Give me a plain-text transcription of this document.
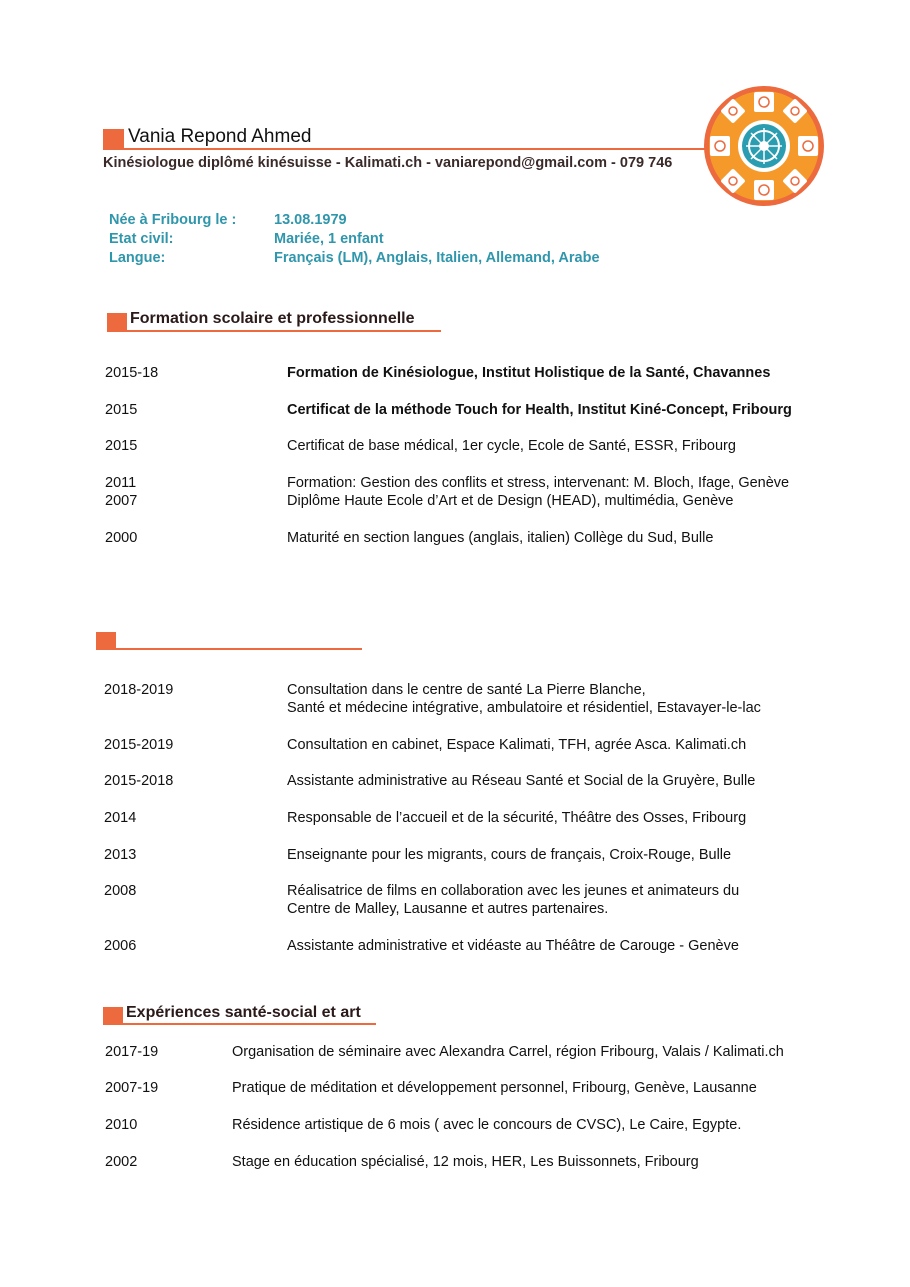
Vania Repond Ahmed
Kinésiologue diplômé kinésuisse - Kalimati.ch - vaniarepond@gmail.com - 079 746
Née à Fribourg le :	13.08.1979
Etat civil:	Mariée, 1 enfant
Langue:	Français (LM), Anglais, Italien, Allemand, Arabe
Formation scolaire et professionnelle
2015-18	Formation de Kinésiologue, Institut Holistique de la Santé, Chavannes
2015	Certificat de la méthode Touch for Health, Institut Kiné-Concept, Fribourg
2015	Certificat de base médical, 1er cycle, Ecole de Santé, ESSR, Fribourg
2011	Formation: Gestion des conflits et stress, intervenant: M. Bloch, Ifage, Genève
2007	Diplôme Haute Ecole d’Art et de Design (HEAD), multimédia, Genève
2000	Maturité en section langues (anglais, italien) Collège du Sud, Bulle
2018-2019	Consultation dans le centre de santé La Pierre Blanche,
Santé et médecine intégrative, ambulatoire et résidentiel, Estavayer-le-lac
2015-2019	Consultation en cabinet, Espace Kalimati, TFH, agrée Asca. Kalimati.ch
2015-2018	Assistante administrative au Réseau Santé et Social de la Gruyère, Bulle
2014	Responsable de l’accueil et de la sécurité, Théâtre des Osses, Fribourg
2013	Enseignante pour les migrants, cours de français, Croix-Rouge, Bulle
2008	Réalisatrice de films en collaboration avec les jeunes et animateurs du
Centre de Malley, Lausanne et autres partenaires.
2006	Assistante administrative et vidéaste au Théâtre de Carouge - Genève
Expériences santé-social et art
2017-19	Organisation de séminaire avec Alexandra Carrel, région Fribourg, Valais / Kalimati.ch
2007-19	Pratique de méditation et développement personnel, Fribourg, Genève, Lausanne
2010	Résidence artistique de 6 mois ( avec le concours de CVSC), Le Caire, Egypte.
2002	Stage en éducation spécialisé, 12 mois, HER, Les Buissonnets, Fribourg
